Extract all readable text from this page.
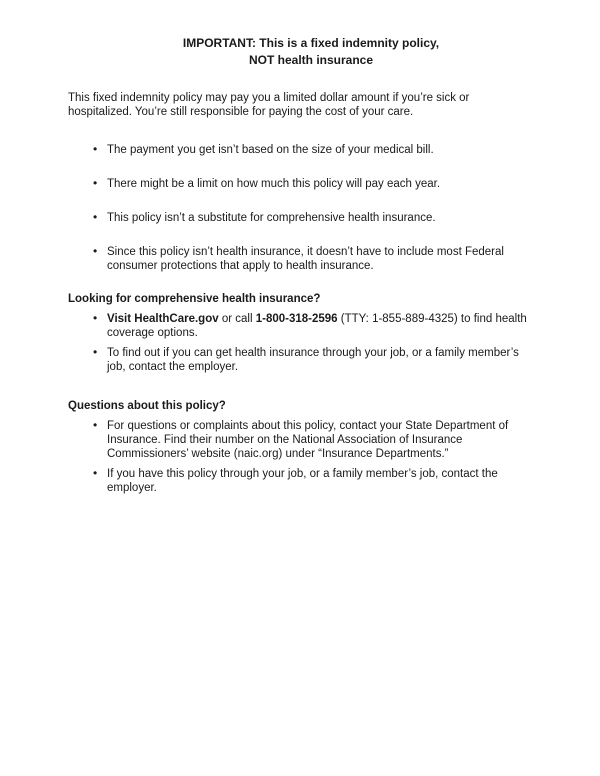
IMPORTANT: This is a fixed indemnity policy,
NOT health insurance

This fixed indemnity policy may pay you a limited dollar amount if you’re sick or hospitalized. You’re still responsible for paying the cost of your care.

• The payment you get isn’t based on the size of your medical bill.
• There might be a limit on how much this policy will pay each year.
• This policy isn’t a substitute for comprehensive health insurance.
• Since this policy isn’t health insurance, it doesn’t have to include most Federal consumer protections that apply to health insurance.
Looking for comprehensive health insurance?
• Visit HealthCare.gov or call 1-800-318-2596 (TTY: 1-855-889-4325) to find health coverage options.
• To find out if you can get health insurance through your job, or a family member’s job, contact the employer.
Questions about this policy?
• For questions or complaints about this policy, contact your State Department of Insurance. Find their number on the National Association of Insurance Commissioners’ website (naic.org) under “Insurance Departments.”
• If you have this policy through your job, or a family member’s job, contact the employer.
